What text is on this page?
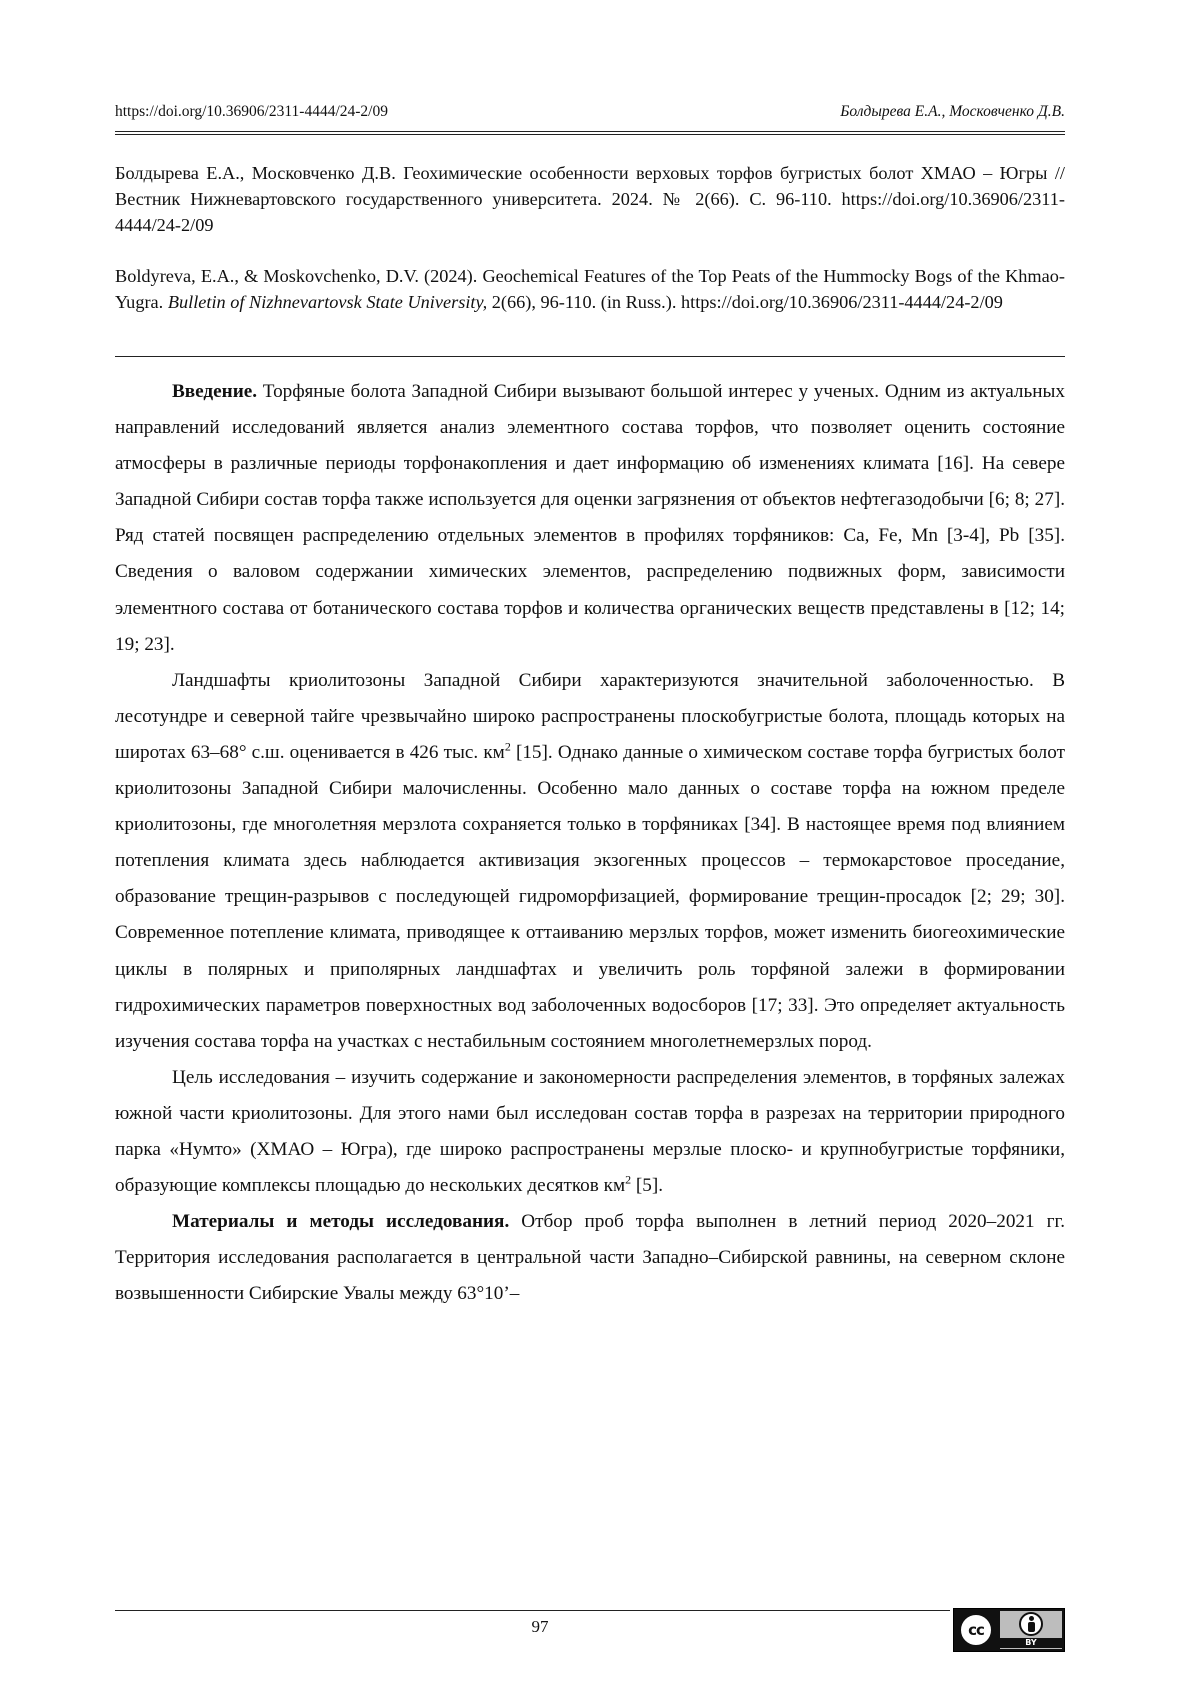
https://doi.org/10.36906/2311-4444/24-2/09	Болдырева Е.А., Московченко Д.В.
Болдырева Е.А., Московченко Д.В. Геохимические особенности верховых торфов бугристых болот ХМАО – Югры // Вестник Нижневартовского государственного университета. 2024. № 2(66). С. 96-110. https://doi.org/10.36906/2311-4444/24-2/09
Boldyreva, E.A., & Moskovchenko, D.V. (2024). Geochemical Features of the Top Peats of the Hummocky Bogs of the Khmao-Yugra. Bulletin of Nizhnevartovsk State University, 2(66), 96-110. (in Russ.). https://doi.org/10.36906/2311-4444/24-2/09

Введение. Торфяные болота Западной Сибири вызывают большой интерес у ученых. Одним из актуальных направлений исследований является анализ элементного состава торфов, что позволяет оценить состояние атмосферы в различные периоды торфонакопления и дает информацию об изменениях климата [16]. На севере Западной Сибири состав торфа также используется для оценки загрязнения от объектов нефтегазодобычи [6; 8; 27]. Ряд статей посвящен распределению отдельных элементов в профилях торфяников: Ca, Fe, Mn [3-4], Pb [35]. Сведения о валовом содержании химических элементов, распределению подвижных форм, зависимости элементного состава от ботанического состава торфов и количества органических веществ представлены в [12; 14; 19; 23].

Ландшафты криолитозоны Западной Сибири характеризуются значительной заболоченностью. В лесотундре и северной тайге чрезвычайно широко распространены плоскобугристые болота, площадь которых на широтах 63–68° с.ш. оценивается в 426 тыс. $км^2$ [15]. Однако данные о химическом составе торфа бугристых болот криолитозоны Западной Сибири малочисленны. Особенно мало данных о составе торфа на южном пределе криолитозоны, где многолетняя мерзлота сохраняется только в торфяниках [34]. В настоящее время под влиянием потепления климата здесь наблюдается активизация экзогенных процессов – термокарстовое проседание, образование трещин-разрывов с последующей гидроморфизацией, формирование трещин-просадок [2; 29; 30]. Современное потепление климата, приводящее к оттаиванию мерзлых торфов, может изменить биогеохимические циклы в полярных и приполярных ландшафтах и увеличить роль торфяной залежи в формировании гидрохимических параметров поверхностных вод заболоченных водосборов [17; 33]. Это определяет актуальность изучения состава торфа на участках с нестабильным состоянием многолетнемерзлых пород.

Цель исследования – изучить содержание и закономерности распределения элементов, в торфяных залежах южной части криолитозоны. Для этого нами был исследован состав торфа в разрезах на территории природного парка «Нумто» (ХМАО – Югра), где широко распространены мерзлые плоско- и крупнобугристые торфяники, образующие комплексы площадью до нескольких десятков $км^2$ [5].

Материалы и методы исследования. Отбор проб торфа выполнен в летний период 2020–2021 гг. Территория исследования располагается в центральной части Западно–Сибирской равнины, на северном склоне возвышенности Сибирские Увалы между 63°10’–

97	cc
BY
